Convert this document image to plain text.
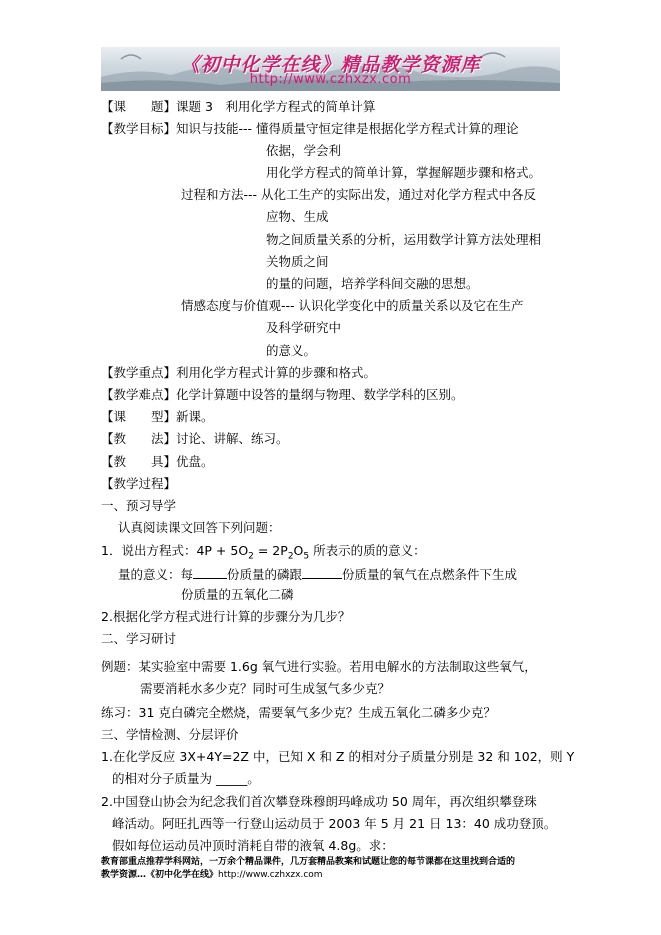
《初中化学在线》精品教学资源库
http://www.czhxzx.com
【课　　题】课题 3　利用化学方程式的简单计算
【教学目标】知识与技能--- 懂得质量守恒定律是根据化学方程式计算的理论
依据，学会利
用化学方程式的简单计算，掌握解题步骤和格式。
过程和方法--- 从化工生产的实际出发，通过对化学方程式中各反
应物、生成
物之间质量关系的分析，运用数学计算方法处理相
关物质之间
的量的问题，培养学科间交融的思想。
情感态度与价值观--- 认识化学变化中的质量关系以及它在生产
及科学研究中
的意义。
【教学重点】利用化学方程式计算的步骤和格式。
【教学难点】化学计算题中设答的量纲与物理、数学学科的区别。
【课　　型】新课。
【教　　法】讨论、讲解、练习。
【教　　具】优盘。
【教学过程】
一、预习导学
认真阅读课文回答下列问题：
1．说出方程式：$4P + 5O_2 = 2P_2O_5$ 所表示的质的意义：
量的意义：每	份质量的磷跟	份质量的氧气在点燃条件下生成
份质量的五氧化二磷
2.根据化学方程式进行计算的步骤分为几步？
二、学习研讨
例题：某实验室中需要 1.6g 氧气进行实验。若用电解水的方法制取这些氧气，
需要消耗水多少克？同时可生成氢气多少克？
练习：31 克白磷完全燃烧，需要氧气多少克？生成五氧化二磷多少克？
三、学情检测、分层评价
1.在化学反应 3X+4Y=2Z 中，已知 X 和 Z 的相对分子质量分别是 32 和 102，则 Y
的相对分子质量为 _____。
2.中国登山协会为纪念我们首次攀登珠穆朗玛峰成功 50 周年，再次组织攀登珠
峰活动。阿旺扎西等一行登山运动员于 2003 年 5 月 21 日 13：40 成功登顶。
假如每位运动员冲顶时消耗自带的液氧 4.8g。求：
教育部重点推荐学科网站，一万余个精品课件，几万套精品教案和试题让您的每节课都在这里找到合适的
教学资源…《初中化学在线》http://www.czhxzx.com
